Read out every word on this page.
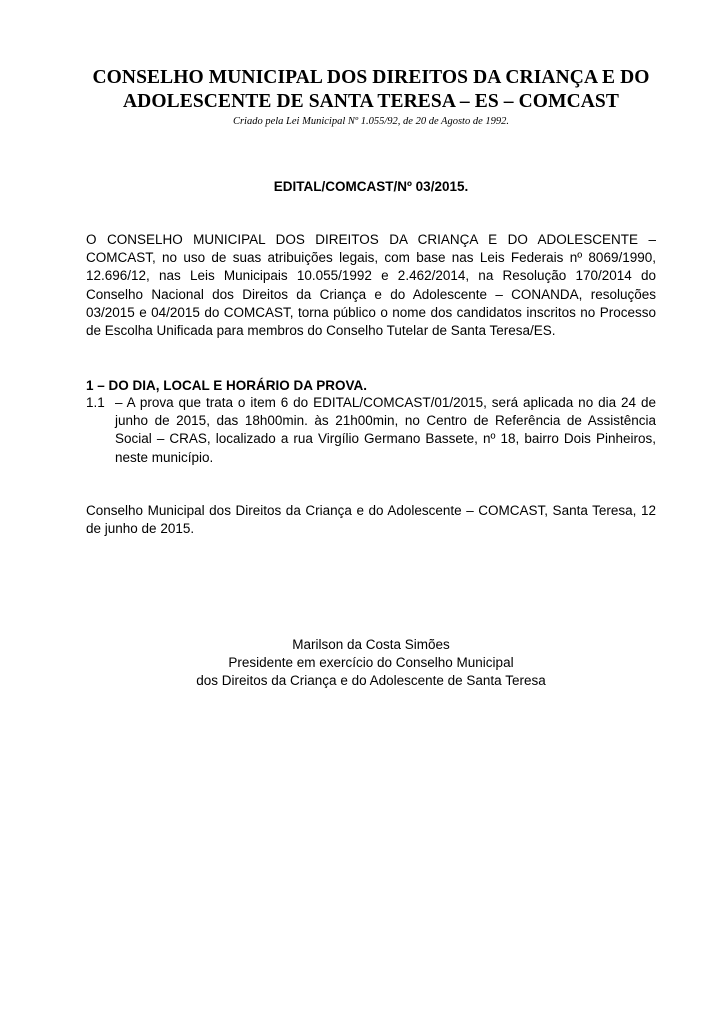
CONSELHO MUNICIPAL DOS DIREITOS DA CRIANÇA E DO
ADOLESCENTE DE SANTA TERESA – ES – COMCAST
Criado pela Lei Municipal Nº 1.055/92, de 20 de Agosto de 1992.
EDITAL/COMCAST/Nº 03/2015.
O CONSELHO MUNICIPAL DOS DIREITOS DA CRIANÇA E DO ADOLESCENTE – COMCAST, no uso de suas atribuições legais, com base nas Leis Federais nº 8069/1990, 12.696/12, nas Leis Municipais 10.055/1992 e 2.462/2014, na Resolução 170/2014 do Conselho Nacional dos Direitos da Criança e do Adolescente – CONANDA, resoluções 03/2015 e 04/2015 do COMCAST, torna público o nome dos candidatos inscritos no Processo de Escolha Unificada para membros do Conselho Tutelar de Santa Teresa/ES.
1 – DO DIA, LOCAL E HORÁRIO DA PROVA.
1.1 – A prova que trata o item 6 do EDITAL/COMCAST/01/2015, será aplicada no dia 24 de junho de 2015, das 18h00min. às 21h00min, no Centro de Referência de Assistência Social – CRAS, localizado a rua Virgílio Germano Bassete, nº 18, bairro Dois Pinheiros, neste município.
Conselho Municipal dos Direitos da Criança e do Adolescente – COMCAST, Santa Teresa, 12 de junho de 2015.
Marilson da Costa Simões
Presidente em exercício do Conselho Municipal
dos Direitos da Criança e do Adolescente de Santa Teresa
